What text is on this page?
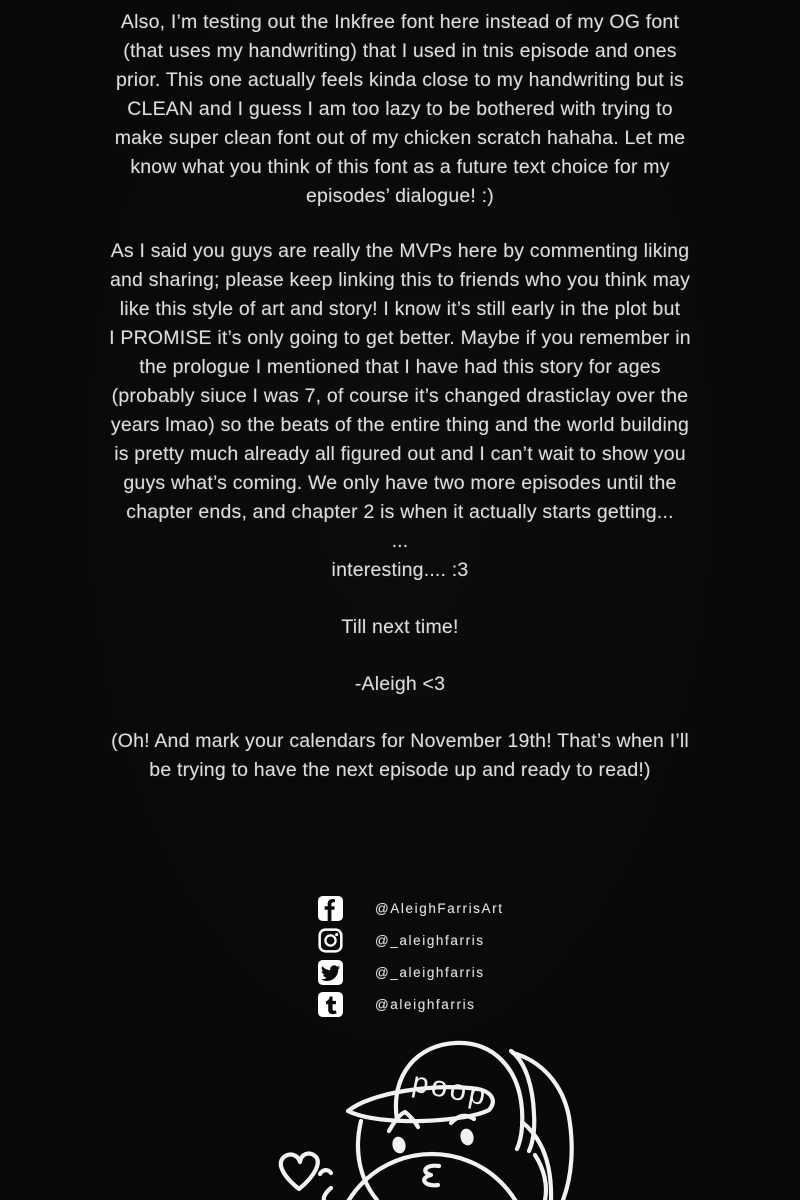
Also, I’m testing out the Inkfree font here instead of my OG font
(that uses my handwriting) that I used in tnis episode and ones
prior. This one actually feels kinda close to my handwriting but is
CLEAN and I guess I am too lazy to be bothered with trying to
make super clean font out of my chicken scratch hahaha. Let me
know what you think of this font as a future text choice for my
episodes’ dialogue! :)
As I said you guys are really the MVPs here by commenting liking
and sharing; please keep linking this to friends who you think may
like this style of art and story! I know it’s still early in the plot but
I PROMISE it’s only going to get better. Maybe if you remember in
the prologue I mentioned that I have had this story for ages
(probably siuce I was 7, of course it’s changed drasticlay over the
years lmao) so the beats of the entire thing and the world building
is pretty much already all figured out and I can’t wait to show you
guys what’s coming. We only have two more episodes until the
chapter ends, and chapter 2 is when it actually starts getting...
...
interesting.... :3
Till next time!
-Aleigh <3
(Oh! And mark your calendars for November 19th! That’s when I’ll
be trying to have the next episode up and ready to read!)
@AleighFarrisArt
@_aleighfarris
@_aleighfarris
@aleighfarris
poop
